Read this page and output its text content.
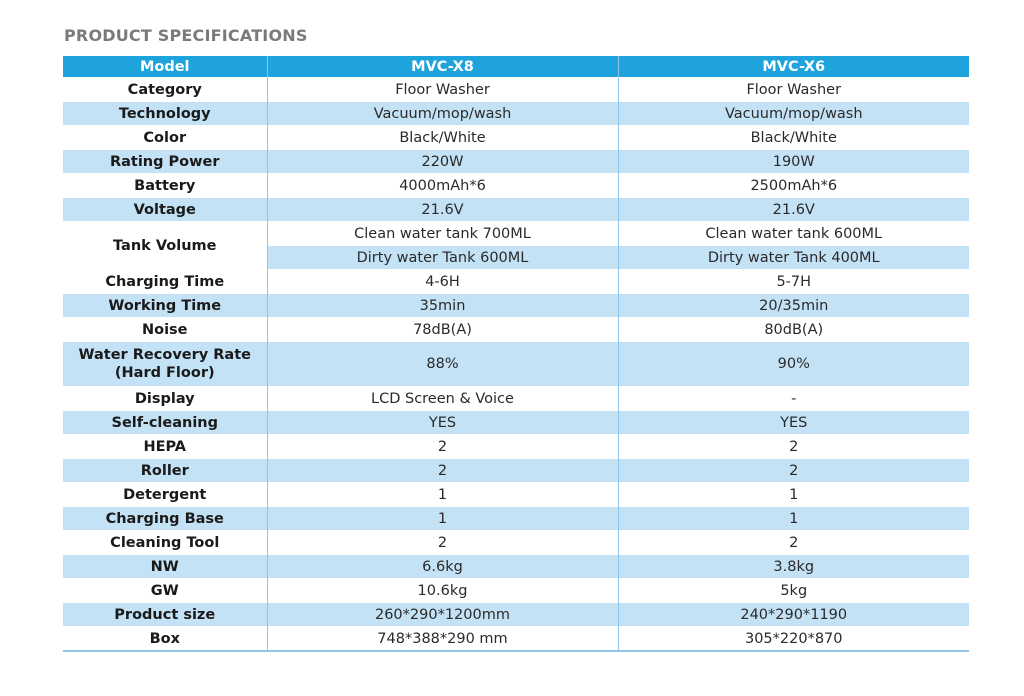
PRODUCT SPECIFICATIONS
Model	MVC-X8	MVC-X6
Category	Floor Washer	Floor Washer
Technology	Vacuum/mop/wash	Vacuum/mop/wash
Color	Black/White	Black/White
Rating Power	220W	190W
Battery	4000mAh*6	2500mAh*6
Voltage	21.6V	21.6V
Tank Volume	Clean water tank 700ML	Clean water tank 600ML
	Dirty water Tank 600ML	Dirty water Tank 400ML
Charging Time	4-6H	5-7H
Working Time	35min	20/35min
Noise	78dB(A)	80dB(A)

Water Recovery Rate
(Hard Floor)	88%	90%
Display	LCD Screen & Voice	-
Self-cleaning	YES	YES
HEPA	2	2
Roller	2	2
Detergent	1	1
Charging Base	1	1
Cleaning Tool	2	2
NW	6.6kg	3.8kg
GW	10.6kg	5kg
Product size	260*290*1200mm	240*290*1190
Box	748*388*290 mm	305*220*870
